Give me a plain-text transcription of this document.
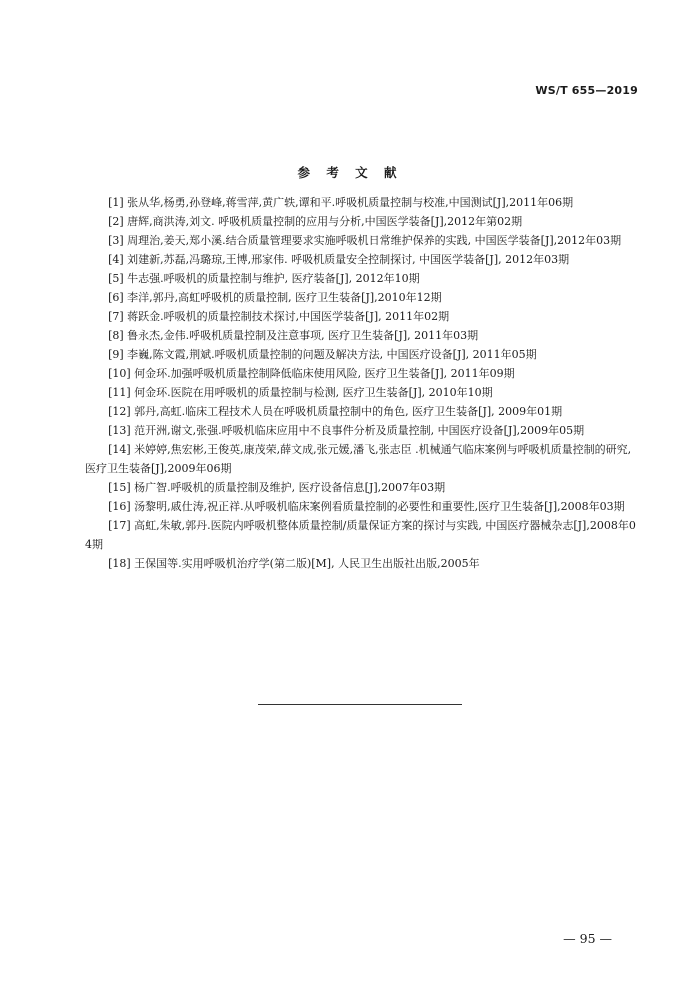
WS/T 655—2019
参 考 文 献
[1] 张从华,杨勇,孙登峰,蒋雪萍,黄广轶,谭和平.呼吸机质量控制与校准,中国测试[J],2011年06期
[2] 唐辉,商洪涛,刘文. 呼吸机质量控制的应用与分析,中国医学装备[J],2012年第02期
[3] 周理治,姜天,郑小溪.结合质量管理要求实施呼吸机日常维护保养的实践, 中国医学装备[J],2012年03期
[4] 刘建新,苏磊,冯璐琼,王博,邢家伟. 呼吸机质量安全控制探讨, 中国医学装备[J], 2012年03期
[5] 牛志强.呼吸机的质量控制与维护, 医疗装备[J], 2012年10期
[6] 李洋,郭丹,高虹呼吸机的质量控制, 医疗卫生装备[J],2010年12期
[7] 蒋跃金.呼吸机的质量控制技术探讨,中国医学装备[J], 2011年02期
[8] 鲁永杰,金伟.呼吸机质量控制及注意事项, 医疗卫生装备[J], 2011年03期
[9] 李巍,陈文霞,荆斌.呼吸机质量控制的问题及解决方法, 中国医疗设备[J], 2011年05期
[10] 何金环.加强呼吸机质量控制降低临床使用风险, 医疗卫生装备[J], 2011年09期
[11] 何金环.医院在用呼吸机的质量控制与检测, 医疗卫生装备[J], 2010年10期
[12] 郭丹,高虹.临床工程技术人员在呼吸机质量控制中的角色, 医疗卫生装备[J], 2009年01期
[13] 范开洲,谢文,张强.呼吸机临床应用中不良事件分析及质量控制, 中国医疗设备[J],2009年05期
[14] 米婷婷,焦宏彬,王俊英,康茂荣,薛文成,张元媛,潘飞,张志臣 .机械通气临床案例与呼吸机质量控制的研究, 医疗卫生装备[J],2009年06期
[15] 杨广智.呼吸机的质量控制及维护, 医疗设备信息[J],2007年03期
[16] 汤黎明,戚仕涛,祝正祥.从呼吸机临床案例看质量控制的必要性和重要性,医疗卫生装备[J],2008年03期
[17] 高虹,朱敏,郭丹.医院内呼吸机整体质量控制/质量保证方案的探讨与实践, 中国医疗器械杂志[J],2008年04期
[18] 王保国等.实用呼吸机治疗学(第二版)[M], 人民卫生出版社出版,2005年
— 95 —
